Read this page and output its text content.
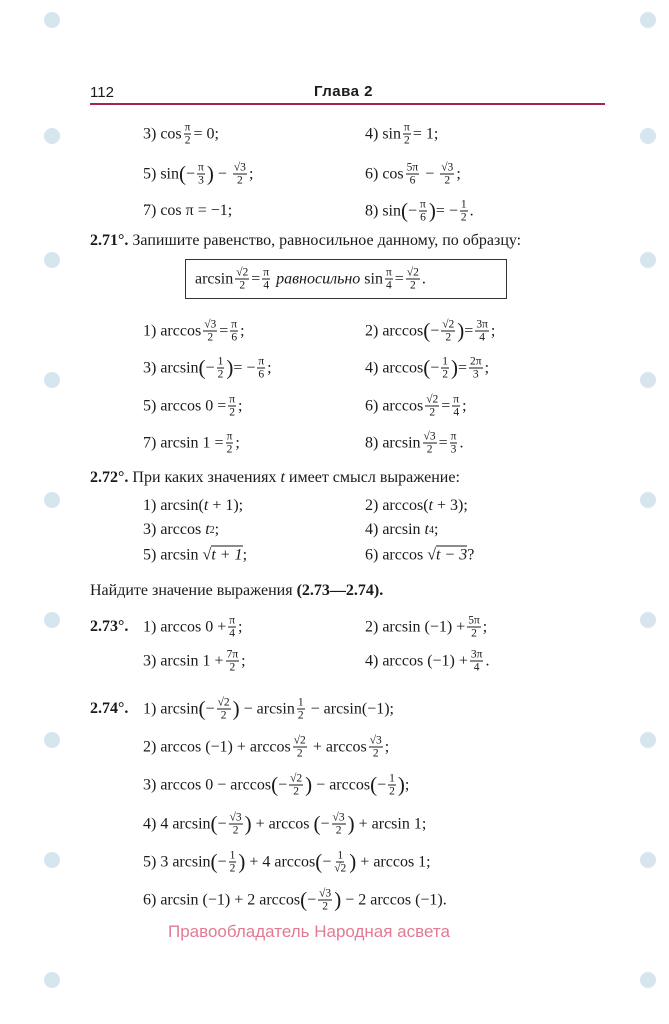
112	Глава 2
3) $\cos \frac{\pi}{2} = 0$;	4) $\sin \frac{\pi}{2} = 1$;
5) sin ( − $\frac{\pi}{3}$ ) − $\frac{√3}{2}$ ;	6) $\cos \frac{5\pi}{6} - \frac{√3}{2}$ ;
7) cos π = −1;	8) sin ( − $\frac{\pi}{6}$ ) = − $\frac{1}{2}$ .
2.71°. Запишите равенство, равносильное данному, по образцу:
$\arcsin \frac{√2}{2} = \frac{\pi}{4}$ равносильно $\sin \frac{\pi}{4} = \frac{√2}{2}$ .
1) $\arccos \frac{√3}{2} = \frac{\pi}{6}$ ;	2) arccos ( − $\frac{√2}{2}$ ) = $\frac{3\pi}{4}$ ;
3) arcsin ( − $\frac{1}{2}$ ) = − $\frac{\pi}{6}$ ;	4) arccos ( − $\frac{1}{2}$ ) = $\frac{2\pi}{3}$ ;
5) $\arccos 0 = \frac{\pi}{2}$ ;	6) $\arccos \frac{√2}{2} = \frac{\pi}{4}$ ;
7) $\arcsin 1 = \frac{\pi}{2}$ ;	8) $\arcsin \frac{√3}{2} = \frac{\pi}{3}$ .
2.72°. При каких значениях t имеет смысл выражение:
1) arcsin( t + 1);	2) arccos( t + 3);
3) arccos t 2 ;	4) arcsin t 4 ;
5) arcsin √ t + 1 ;	6) arccos √ t − 3 ?
Найдите значение выражения (2.73—2.74).
2.73°. 1) $\arccos 0 + \frac{\pi}{4}$ ;	2) $\arcsin (-1) + \frac{5\pi}{2}$ ;
3) $\arcsin 1 + \frac{7\pi}{2}$ ;	4) $\arccos (-1) + \frac{3\pi}{4}$ .
2.74°. 1) arcsin ( − $\frac{√2}{2}$ ) − $\arcsin \frac{1}{2} - \arcsin(-1)$;
2) $\arccos (-1) + \arccos \frac{√2}{2} + \arccos \frac{√3}{2}$ ;
3) arccos 0 − arccos ( − $\frac{√2}{2}$ ) − arccos ( − $\frac{1}{2}$ ) ;
4) 4 arcsin ( − $\frac{√3}{2}$ ) + arccos ( − $\frac{√3}{2}$ ) + arcsin 1;
5) 3 arcsin ( − $\frac{1}{2}$ ) + 4 arccos ( − $\frac{1}{√2}$ ) + arccos 1;
6) arcsin (−1) + 2 arccos ( − $\frac{√3}{2}$ ) − 2 arccos (−1).
Правообладатель Народная асвета
